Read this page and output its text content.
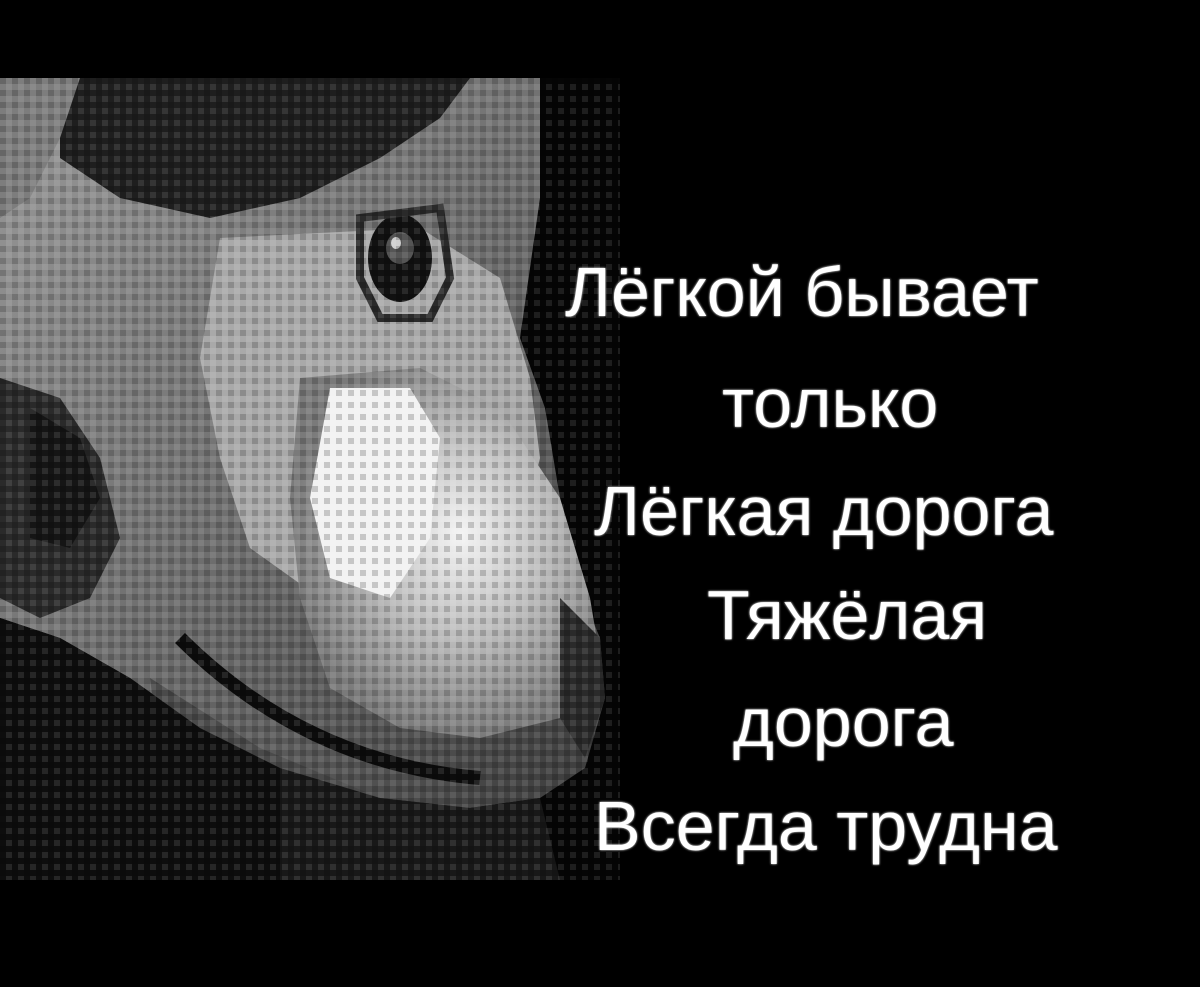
Лёгкой бывает
только
Лёгкая дорога
Тяжёлая
дорога
Всегда трудна
